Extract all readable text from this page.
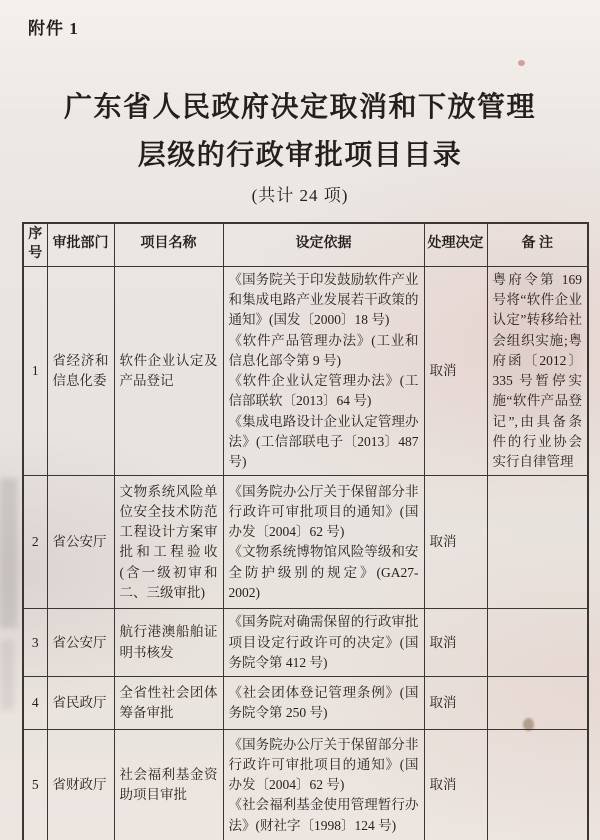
附件 1
广东省人民政府决定取消和下放管理
层级的行政审批项目目录
(共计 24 项)
序号	审批部门	项目名称	设定依据	处理决定	备 注
1	省经济和信息化委	软件企业认定及产品登记	《国务院关于印发鼓励软件产业和集成电路产业发展若干政策的通知》(国发〔2000〕18 号)

《软件产品管理办法》(工业和信息化部令第 9 号)

《软件企业认定管理办法》(工信部联软〔2013〕64 号)

《集成电路设计企业认定管理办法》(工信部联电子〔2013〕487 号)	取消	粤府令第 169 号将“软件企业认定”转移给社会组织实施;粤府函〔2012〕335 号暂停实施“软件产品登记”,由具备条件的行业协会实行自律管理
2	省公安厅	文物系统风险单位安全技术防范工程设计方案审批和工程验收(含一级初审和二、三级审批)	《国务院办公厅关于保留部分非行政许可审批项目的通知》(国办发〔2004〕62 号)

《文物系统博物馆风险等级和安全防护级别的规定》(GA27-2002)	取消	
3	省公安厅	航行港澳船舶证明书核发	《国务院对确需保留的行政审批项目设定行政许可的决定》(国务院令第 412 号)	取消	
4	省民政厅	全省性社会团体筹备审批	《社会团体登记管理条例》(国务院令第 250 号)	取消	
5	省财政厅	社会福利基金资助项目审批	《国务院办公厅关于保留部分非行政许可审批项目的通知》(国办发〔2004〕62 号)

《社会福利基金使用管理暂行办法》(财社字〔1998〕124 号)	取消	
